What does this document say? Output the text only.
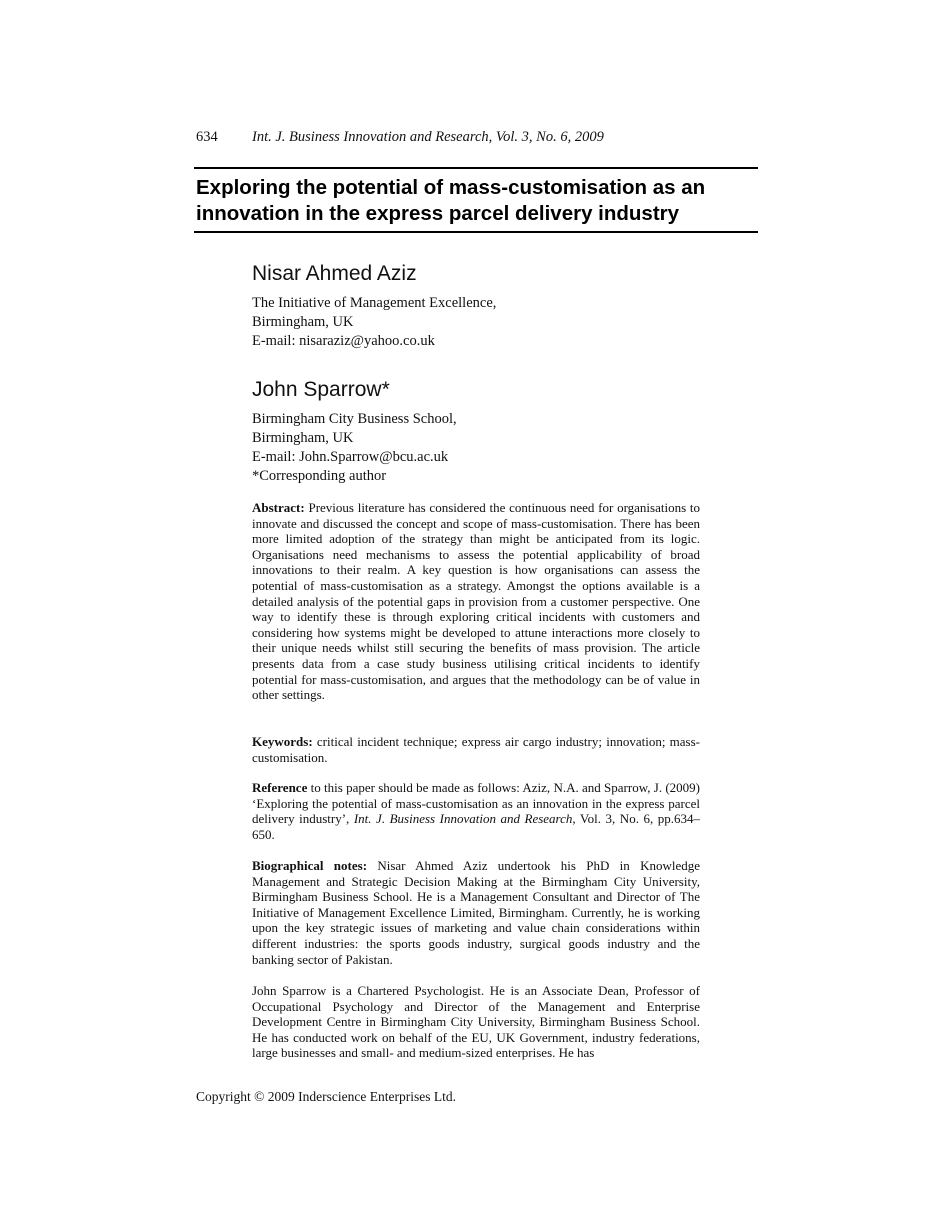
634 Int. J. Business Innovation and Research, Vol. 3, No. 6, 2009
Exploring the potential of mass-customisation as an innovation in the express parcel delivery industry
Nisar Ahmed Aziz
The Initiative of Management Excellence,
Birmingham, UK
E-mail: nisaraziz@yahoo.co.uk
John Sparrow*
Birmingham City Business School,
Birmingham, UK
E-mail: John.Sparrow@bcu.ac.uk
*Corresponding author
Abstract: Previous literature has considered the continuous need for organisations to innovate and discussed the concept and scope of mass-customisation. There has been more limited adoption of the strategy than might be anticipated from its logic. Organisations need mechanisms to assess the potential applicability of broad innovations to their realm. A key question is how organisations can assess the potential of mass-customisation as a strategy. Amongst the options available is a detailed analysis of the potential gaps in provision from a customer perspective. One way to identify these is through exploring critical incidents with customers and considering how systems might be developed to attune interactions more closely to their unique needs whilst still securing the benefits of mass provision. The article presents data from a case study business utilising critical incidents to identify potential for mass-customisation, and argues that the methodology can be of value in other settings.
Keywords: critical incident technique; express air cargo industry; innovation; mass-customisation.
Reference to this paper should be made as follows: Aziz, N.A. and Sparrow, J. (2009) ‘Exploring the potential of mass-customisation as an innovation in the express parcel delivery industry’, Int. J. Business Innovation and Research, Vol. 3, No. 6, pp.634–650.
Biographical notes: Nisar Ahmed Aziz undertook his PhD in Knowledge Management and Strategic Decision Making at the Birmingham City University, Birmingham Business School. He is a Management Consultant and Director of The Initiative of Management Excellence Limited, Birmingham. Currently, he is working upon the key strategic issues of marketing and value chain considerations within different industries: the sports goods industry, surgical goods industry and the banking sector of Pakistan.
John Sparrow is a Chartered Psychologist. He is an Associate Dean, Professor of Occupational Psychology and Director of the Management and Enterprise Development Centre in Birmingham City University, Birmingham Business School. He has conducted work on behalf of the EU, UK Government, industry federations, large businesses and small- and medium-sized enterprises. He has
Copyright © 2009 Inderscience Enterprises Ltd.
